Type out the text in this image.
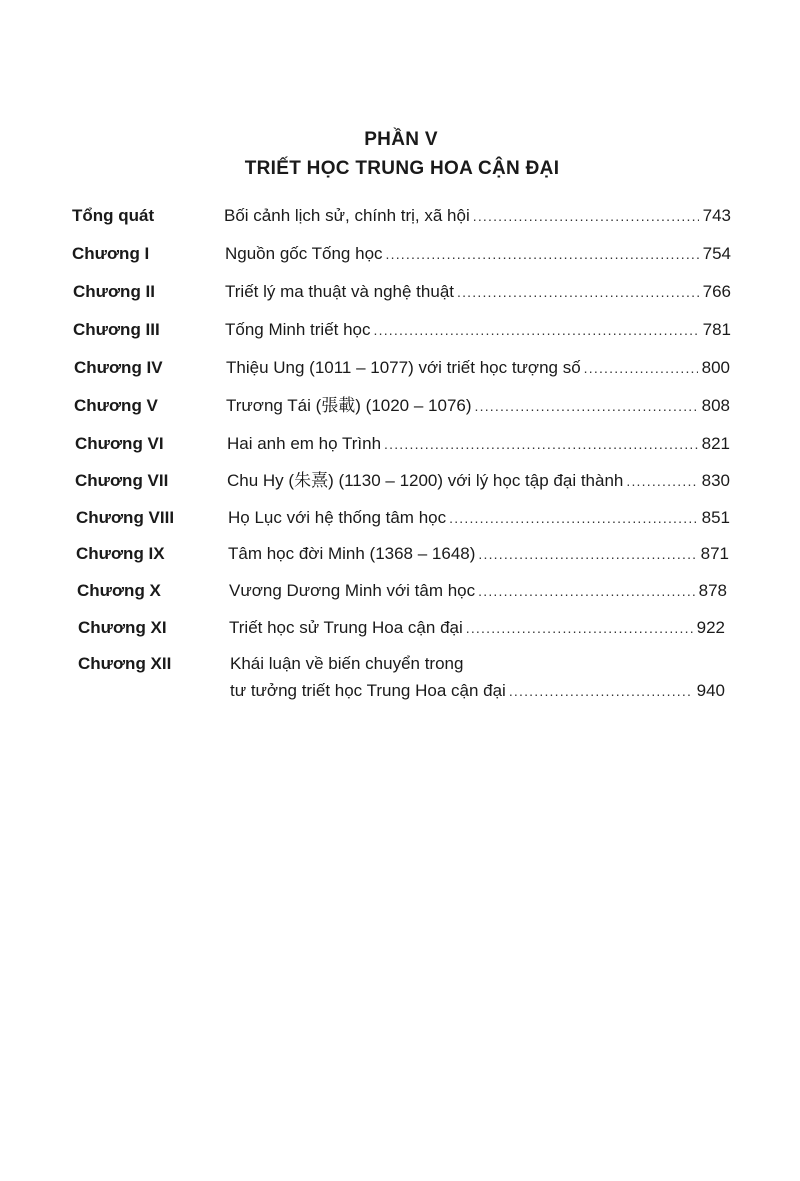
PHẦN V
TRIẾT HỌC TRUNG HOA CẬN ĐẠI
Tổng quát	Bối cảnh lịch sử, chính trị, xã hội .....	743
Chương I	Nguồn gốc Tống học .....	754
Chương II	Triết lý ma thuật và nghệ thuật .....	766
Chương III	Tống Minh triết học .....	781
Chương IV	Thiệu Ung (1011 – 1077) với triết học tượng số .....	800
Chương V	Trương Tái (張載) (1020 – 1076) .....	808
Chương VI	Hai anh em họ Trình .....	821
Chương VII	Chu Hy (朱熹) (1130 – 1200) với lý học tập đại thành .....	830
Chương VIII	Họ Lục với hệ thống tâm học .....	851
Chương IX	Tâm học đời Minh (1368 – 1648) .....	871
Chương X	Vương Dương Minh với tâm học .....	878
Chương XI	Triết học sử Trung Hoa cận đại .....	922
Chương XII	Khái luận về biến chuyển trong
tư tưởng triết học Trung Hoa cận đại .....	940
